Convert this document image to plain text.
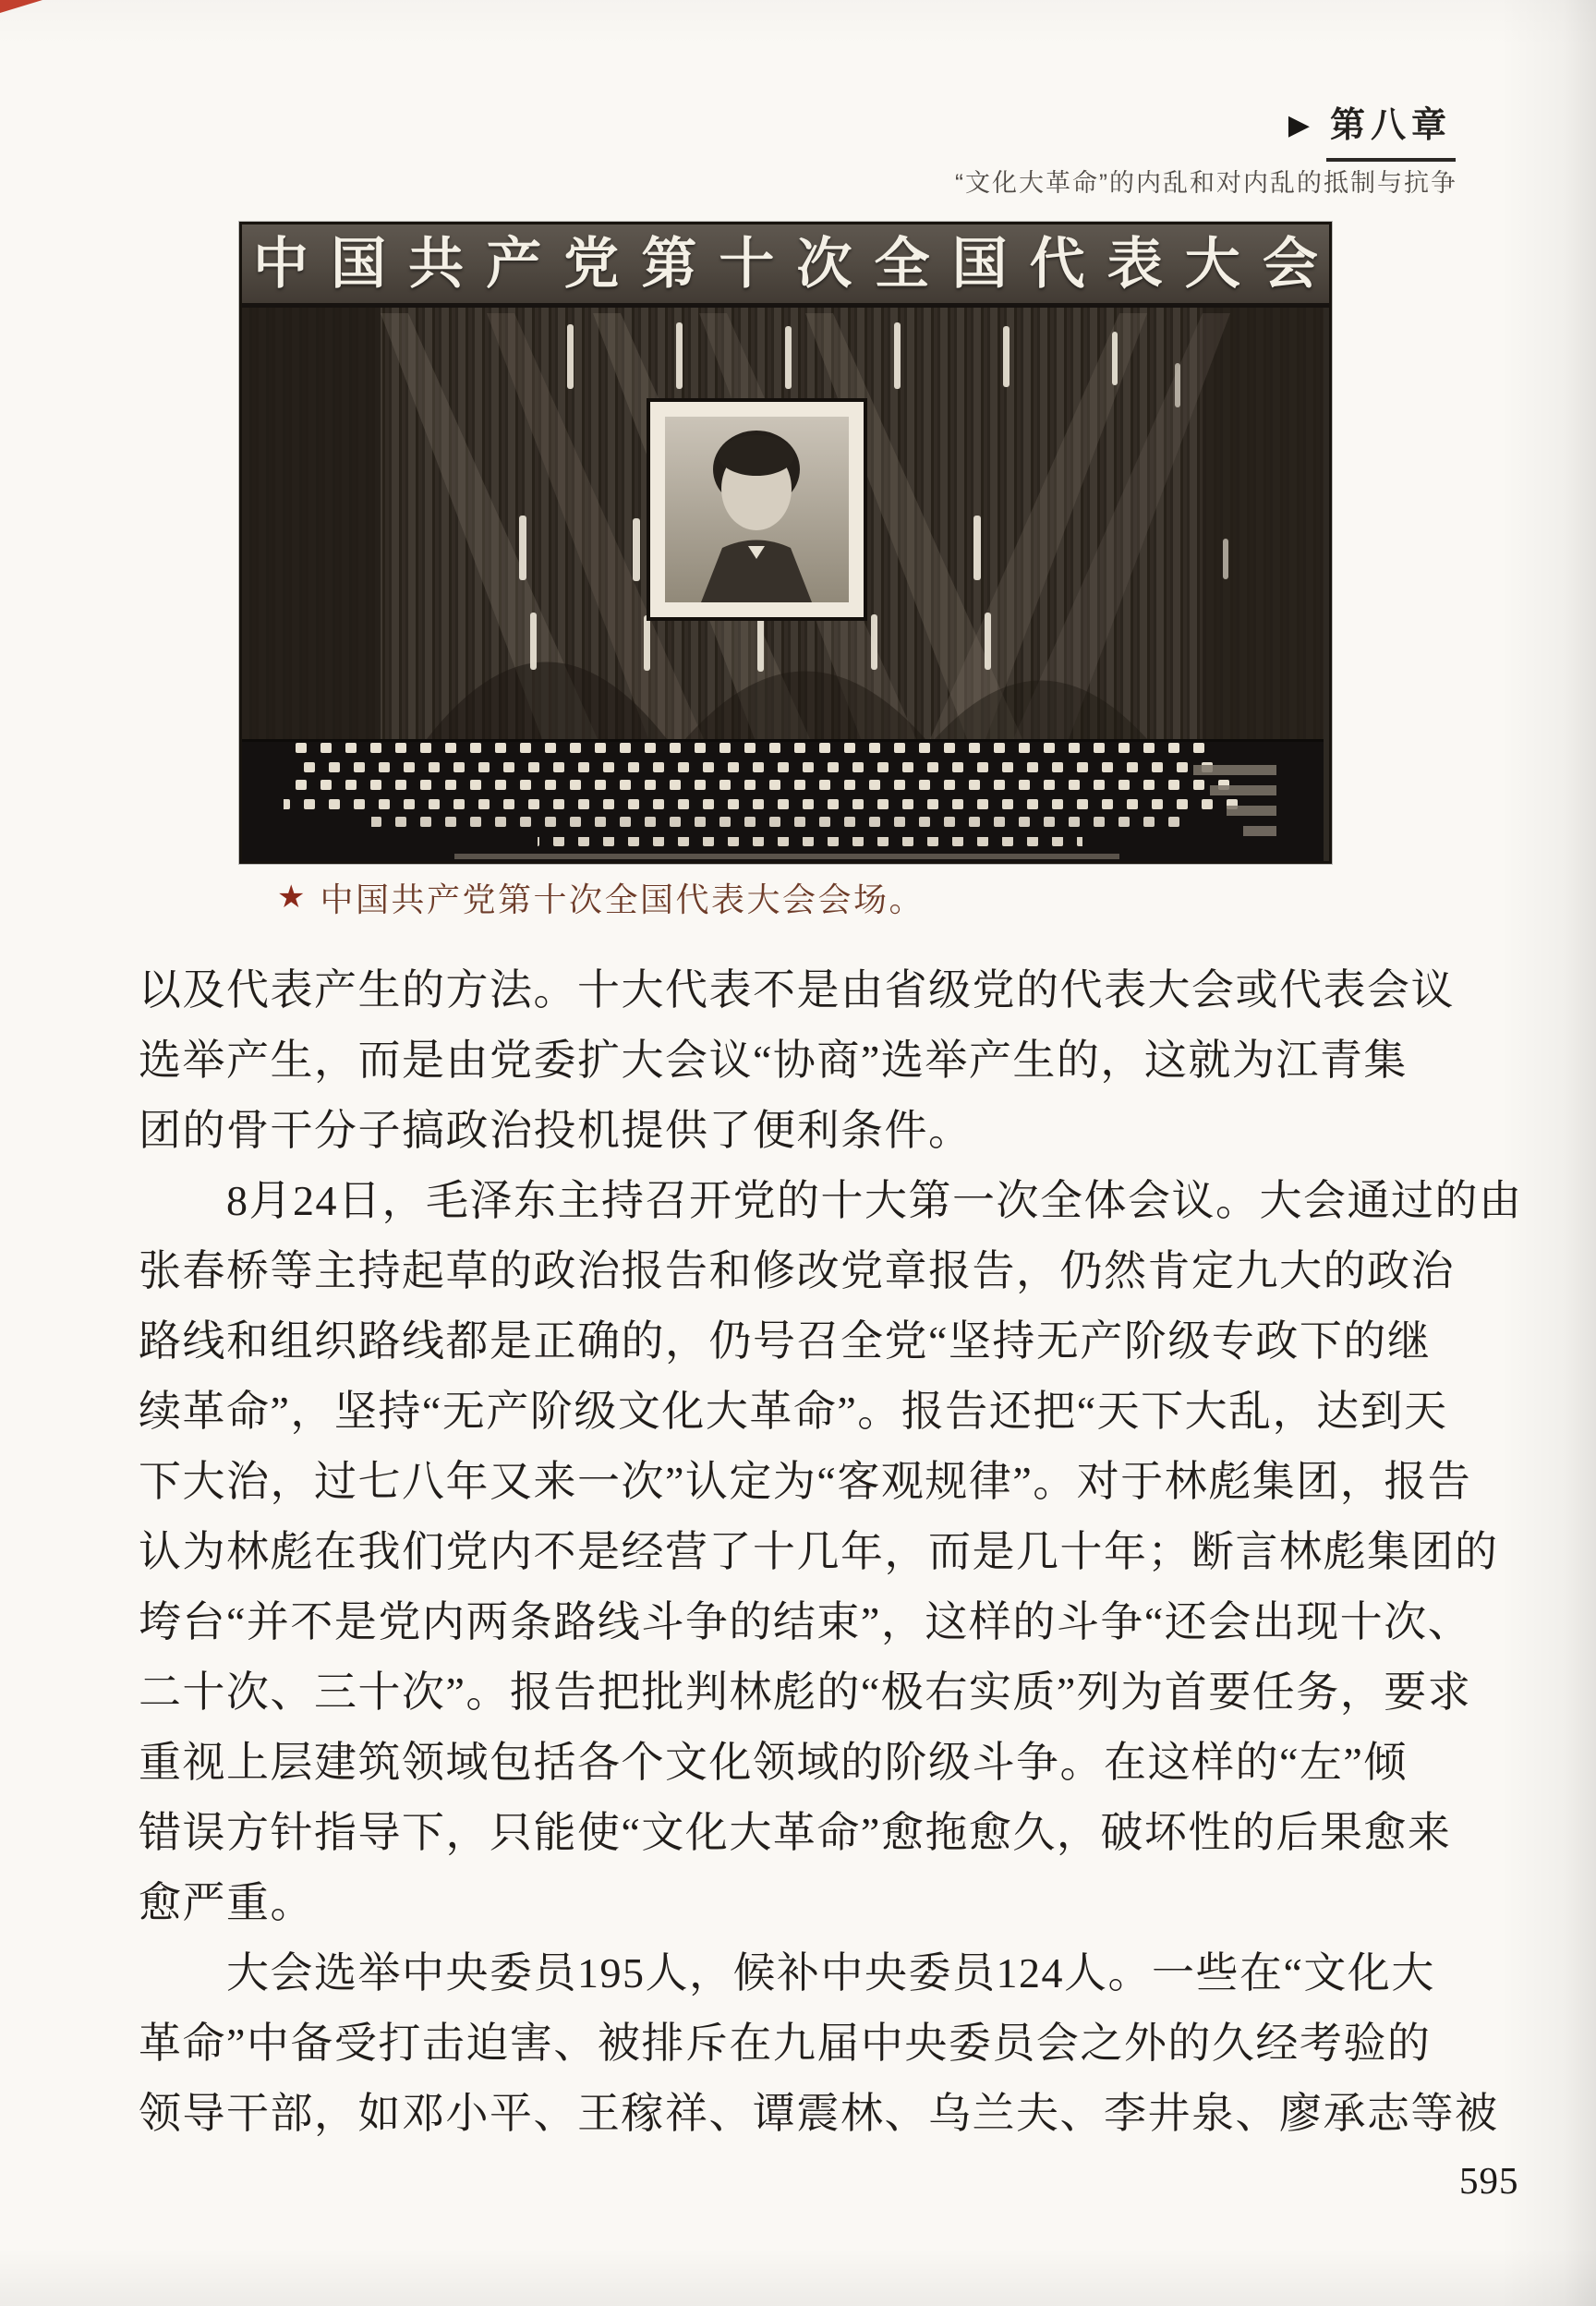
▶ 第八章
“文化大革命”的内乱和对内乱的抵制与抗争
中 国 共 产 党 第 十 次 全 国 代 表 大 会
★ 中国共产党第十次全国代表大会会场。
以及代表产生的方法。十大代表不是由省级党的代表大会或代表会议
选举产生，而是由党委扩大会议“协商”选举产生的，这就为江青集
团的骨干分子搞政治投机提供了便利条件。
　　8月24日，毛泽东主持召开党的十大第一次全体会议。大会通过的由
张春桥等主持起草的政治报告和修改党章报告，仍然肯定九大的政治
路线和组织路线都是正确的，仍号召全党“坚持无产阶级专政下的继
续革命”，坚持“无产阶级文化大革命”。报告还把“天下大乱，达到天
下大治，过七八年又来一次”认定为“客观规律”。对于林彪集团，报告
认为林彪在我们党内不是经营了十几年，而是几十年；断言林彪集团的
垮台“并不是党内两条路线斗争的结束”，这样的斗争“还会出现十次、
二十次、三十次”。报告把批判林彪的“极右实质”列为首要任务，要求
重视上层建筑领域包括各个文化领域的阶级斗争。在这样的“左”倾
错误方针指导下，只能使“文化大革命”愈拖愈久，破坏性的后果愈来
愈严重。
　　大会选举中央委员195人，候补中央委员124人。一些在“文化大
革命”中备受打击迫害、被排斥在九届中央委员会之外的久经考验的
领导干部，如邓小平、王稼祥、谭震林、乌兰夫、李井泉、廖承志等被
595
